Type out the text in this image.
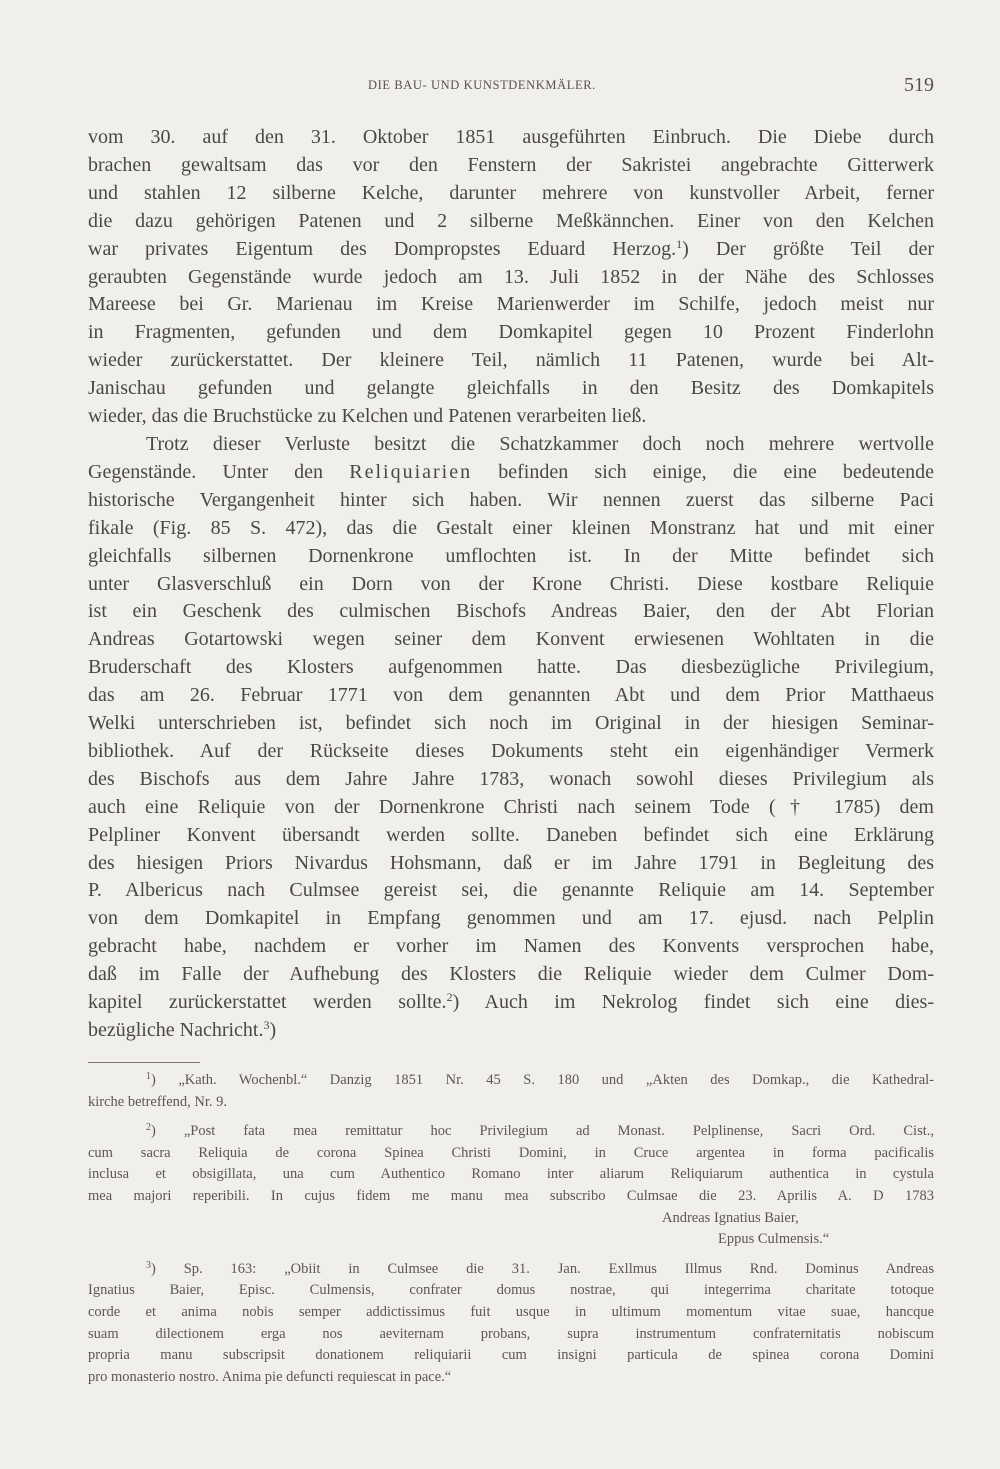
DIE BAU- UND KUNSTDENKMÄLER.	519
vom 30. auf den 31. Oktober 1851 ausgeführten Einbruch. Die Diebe durch
brachen gewaltsam das vor den Fenstern der Sakristei angebrachte Gitterwerk
und stahlen 12 silberne Kelche, darunter mehrere von kunstvoller Arbeit, ferner
die dazu gehörigen Patenen und 2 silberne Meßkännchen. Einer von den Kelchen
war privates Eigentum des Dompropstes Eduard Herzog.$^1$) Der größte Teil der
geraubten Gegenstände wurde jedoch am 13. Juli 1852 in der Nähe des Schlosses
Mareese bei Gr. Marienau im Kreise Marienwerder im Schilfe, jedoch meist nur
in Fragmenten, gefunden und dem Domkapitel gegen 10 Prozent Finderlohn
wieder zurückerstattet. Der kleinere Teil, nämlich 11 Patenen, wurde bei Alt-
Janischau gefunden und gelangte gleichfalls in den Besitz des Domkapitels
wieder, das die Bruchstücke zu Kelchen und Patenen verarbeiten ließ.
Trotz dieser Verluste besitzt die Schatzkammer doch noch mehrere wertvolle
Gegenstände. Unter den Reliquiarien befinden sich einige, die eine bedeutende
historische Vergangenheit hinter sich haben. Wir nennen zuerst das silberne Paci
fikale (Fig. 85 S. 472), das die Gestalt einer kleinen Monstranz hat und mit einer
gleichfalls silbernen Dornenkrone umflochten ist. In der Mitte befindet sich
unter Glasverschluß ein Dorn von der Krone Christi. Diese kostbare Reliquie
ist ein Geschenk des culmischen Bischofs Andreas Baier, den der Abt Florian
Andreas Gotartowski wegen seiner dem Konvent erwiesenen Wohltaten in die
Bruderschaft des Klosters aufgenommen hatte. Das diesbezügliche Privilegium,
das am 26. Februar 1771 von dem genannten Abt und dem Prior Matthaeus
Welki unterschrieben ist, befindet sich noch im Original in der hiesigen Seminar-
bibliothek. Auf der Rückseite dieses Dokuments steht ein eigenhändiger Vermerk
des Bischofs aus dem Jahre Jahre 1783, wonach sowohl dieses Privilegium als
auch eine Reliquie von der Dornenkrone Christi nach seinem Tode († 1785) dem
Pelpliner Konvent übersandt werden sollte. Daneben befindet sich eine Erklärung
des hiesigen Priors Nivardus Hohsmann, daß er im Jahre 1791 in Begleitung des
P. Albericus nach Culmsee gereist sei, die genannte Reliquie am 14. September
von dem Domkapitel in Empfang genommen und am 17. ejusd. nach Pelplin
gebracht habe, nachdem er vorher im Namen des Konvents versprochen habe,
daß im Falle der Aufhebung des Klosters die Reliquie wieder dem Culmer Dom-
kapitel zurückerstattet werden sollte.$^2$) Auch im Nekrolog findet sich eine dies-
bezügliche Nachricht.$^3$)
$^1$) „Kath. Wochenbl.“ Danzig 1851 Nr. 45 S. 180 und „Akten des Domkap., die Kathedral-
kirche betreffend, Nr. 9.
$^2$) „Post fata mea remittatur hoc Privilegium ad Monast. Pelplinense, Sacri Ord. Cist.,
cum sacra Reliquia de corona Spinea Christi Domini, in Cruce argentea in forma pacificalis
inclusa et obsigillata, una cum Authentico Romano inter aliarum Reliquiarum authentica in cystula
mea majori reperibili. In cujus fidem me manu mea subscribo Culmsae die 23. Aprilis A. D 1783
Andreas Ignatius Baier,
Eppus Culmensis.“
$^3$) Sp. 163: „Obiit in Culmsee die 31. Jan. Exllmus Illmus Rnd. Dominus Andreas
Ignatius Baier, Episc. Culmensis, confrater domus nostrae, qui integerrima charitate totoque
corde et anima nobis semper addictissimus fuit usque in ultimum momentum vitae suae, hancque
suam dilectionem erga nos aeviternam probans, supra instrumentum confraternitatis nobiscum
propria manu subscripsit donationem reliquiarii cum insigni particula de spinea corona Domini
pro monasterio nostro. Anima pie defuncti requiescat in pace.“
